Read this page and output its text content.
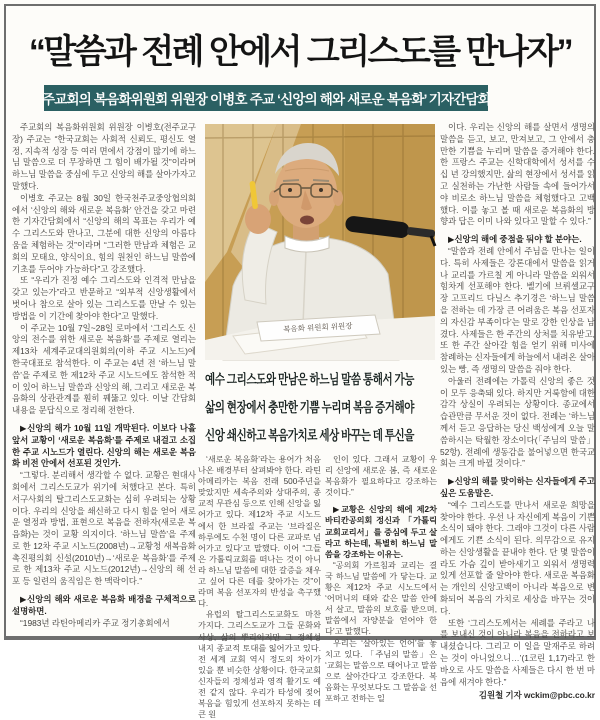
“말씀과 전례 안에서 그리스도를 만나자”
주교회의 복음화위원회 위원장 이병호 주교 ‘신앙의 해와 새로운 복음화’ 기자간담회

주교회의 복음화위원회 위원장 이병호(전주교구장) 주교는 “한국교회는 사회적 신뢰도, 평신도 열정, 지속적 성장 등 여러 면에서 강점이 많기에 하느님 말씀으로 더 무장하면 그 힘이 배가될 것”이라며 하느님 말씀을 중심에 두고 신앙의 해를 살아가자고 말했다.

이병호 주교는 8월 30일 한국천주교중앙협의회에서 ‘신앙의 해와 새로운 복음화’ 안건을 갖고 마련한 기자간담회에서 “신앙의 해의 목표는 우리가 예수 그리스도와 만나고, 그분에 대한 신앙의 아름다움을 체험하는 것”이라며 “그러한 만남과 체험은 교회의 모태요, 양식이요, 힘의 원천인 하느님 말씀에 기초를 두어야 가능하다”고 강조했다.

또 “우리가 진정 예수 그리스도와 인격적 만남을 갖고 있는가”라고 반문하고 “외부적 신앙생활에서 벗어나 참으로 살아 있는 그리스도를 만날 수 있는 방법을 이 기간에 찾아야 한다”고 말했다.

이 주교는 10월 7일~28일 로마에서 ‘그리스도 신앙의 전수를 위한 새로운 복음화’를 주제로 열리는 제13차 세계주교대의원회의(이하 주교 시노드)에 한국대표로 참석한다. 이 주교는 4년 전 ‘하느님 말씀’을 주제로 한 제12차 주교 시노드에도 참석한 적이 있어 하느님 말씀과 신앙의 해, 그리고 새로운 복음화의 상관관계를 훤히 꿰뚫고 있다. 이날 간담회 내용을 문답식으로 정리해 전한다.

▶신앙의 해가 10월 11일 개막된다. 이보다 나흘 앞서 교황이 ‘새로운 복음화’를 주제로 내걸고 소집한 주교 시노드가 열린다. 신앙의 해는 새로운 복음화 비전 안에서 선포된 것인가.

“그렇다. 분리해서 생각할 수 없다. 교황은 현대사회에서 그리스도교가 위기에 처했다고 본다. 특히 서구사회의 탈그리스도교화는 심히 우려되는 상황이다. 우리의 신앙을 쇄신하고 다시 힘을 얻어 새로운 열정과 방법, 표현으로 복음을 전하자(새로운 복음화)는 것이 교황 의지이다. ‘하느님 말씀’을 주제로 한 12차 주교 시노드(2008년)→교황청 새복음화촉진평의회 신설(2010년)→‘새로운 복음화’를 주제로 한 제13차 주교 시노드(2012년)→신앙의 해 선포 등 일련의 움직임은 한 맥락이다.”

▶신앙의 해와 새로운 복음화 배경을 구체적으로 설명하면.

“1983년 라틴아메리카 주교 정기총회에서

복음화 위원회 위원장
예수 그리스도와 만남은 하느님 말씀 통해서 가능
삶의 현장에서 충만한 기쁨 누리며 복음 증거해야
신앙 쇄신하고 복음가치로 세상 바꾸는 데 투신을

‘새로운 복음화’라는 용어가 처음 나온 배경부터 살펴봐야 한다. 라틴아메리카는 복음 전래 500주년을 맞았지만 세속주의와 상대주의, 종교적 무관심 등으로 인해 신앙을 잃어가고 있다. 제12차 주교 시노드에서 한 브라질 주교는 ‘브라질은 하루에도 수천 명이 다른 교파로 넘어가고 있다’고 말했다. 이어 “그들은 가톨릭교회를 떠나는 것이 아니라 하느님 말씀에 대한 갈증을 채우고 싶어 다른 데를 찾아가는 것”이라며 복음 선포자의 반성을 촉구했다.

유럽의 탈그리스도교화도 마찬가지다. 그리스도교가 그들 문화와 사상, 삶의 뿌리이지만 그 정체성 내지 종교적 토대를 잃어가고 있다. 전 세계 교회 역시 정도의 차이가 있을 뿐 비슷한 상황이다. 한국교회 신자들의 정체성과 영적 활기도 예전 같지 않다. 우리가 타성에 젖어 복음을 힘있게 선포하지 못하는 데 큰 원

인이 있다. 그래서 교황이 우리 신앙에 새로운 봄, 즉 새로운 복음화가 필요하다고 강조하는 것이다.”

▶교황은 신앙의 해에 제2차 바티칸공의회 정신과 「가톨릭교회교리서」를 중심에 두고 살라고 하는데, 특별히 하느님 말씀을 강조하는 이유는.

“공의회 가르침과 교리는 결국 하느님 말씀에 가 닿는다. 교황은 제12차 주교 시노드에서 ‘어머니의 태와 같은 말씀 안에서 살고, 말씀의 보호를 받으며, 말씀에서 자양분을 얻어야 한다’고 말했다.

우리는 ‘살아있는 언어’를 놓치고 있다. 「주님의 말씀」은 ‘교회는 말씀으로 태어나고 말씀으로 살아간다’고 강조한다. 복음화는 무엇보다도 그 말씀을 선포하고 전하는 일

이다. 우리는 신앙의 해를 살면서 생명의 말씀을 듣고, 보고, 만져보고, 그 안에서 충만한 기쁨을 누리며 말씀을 증거해야 한다. 한 프랑스 주교는 신학대학에서 성서를 수십 년 강의했지만, 삶의 현장에서 성서를 읽고 실천하는 가난한 사람들 속에 들어가서야 비로소 하느님 말씀을 체험했다고 고백했다. 이를 놓고 볼 때 새로운 복음화의 방향과 답은 이미 나와 있다고 말할 수 있다.”

▶신앙의 해에 중점을 둬야 할 분야는.

“말씀과 전례 안에서 주님을 만나는 일이다. 특히 사제들은 강론대에서 말씀을 읽거나 교리를 가르칠 게 아니라 말씀을 외워서 힘차게 선포해야 한다. 벨기에 브뤼셀교구장 고프리드 다닐스 추기경은 ‘하느님 말씀을 전하는 데 가장 큰 어려움은 복음 선포자의 자신감 부족이다’는 말로 강한 인상을 남겼다. 사제들은 한 주간의 상처를 치유받고, 또 한 주간 살아갈 힘을 얻기 위해 미사에 참례하는 신자들에게 하늘에서 내려온 살아 있는 빵, 즉 생명의 말씀을 줘야 한다.

아울러 전례에는 가톨릭 신앙의 좋은 것이 모두 응축돼 있다. 하지만 거룩함에 대한 감각 상실이 우려되는 상황이다. 종교에서 습관만큼 무서운 것이 없다. 전례는 ‘하느님께서 듣고 응답하는 당신 백성에게 오늘 말씀하시는 탁월한 장소이다(「주님의 말씀」 52항). 전례에 생동감을 불어넣으면 한국교회는 크게 바뀔 것이다.”

▶신앙의 해를 맞이하는 신자들에게 주고 싶은 도움말은.

“예수 그리스도를 만나서 새로운 희망을 찾아야 한다. 우선 나 자신에게 복음이 기쁜 소식이 돼야 한다. 그래야 그것이 다른 사람에게도 기쁜 소식이 된다. 의무감으로 유지하는 신앙생활을 끝내야 한다. 단 몇 말씀이라도 가슴 깊이 받아새기고 외워서 생명력 있게 선포할 줄 알아야 한다. 새로운 복음화는 개인의 신앙고백이 아니라 복음으로 변화되어 복음의 가치로 세상을 바꾸는 것이다.

또한 ‘그리스도께서는 세례를 주라고 나를 보내신 것이 아니라 복음을 전하라고 보내셨습니다. 그리고 이 일을 말재주로 하려는 것이 아니었으니…’(1코린 1,17)라고 한 바오로 사도 말씀을 사제들은 다시 한 번 마음에 새겨야 한다.”

김원철 기자 wckim@pbc.co.kr
